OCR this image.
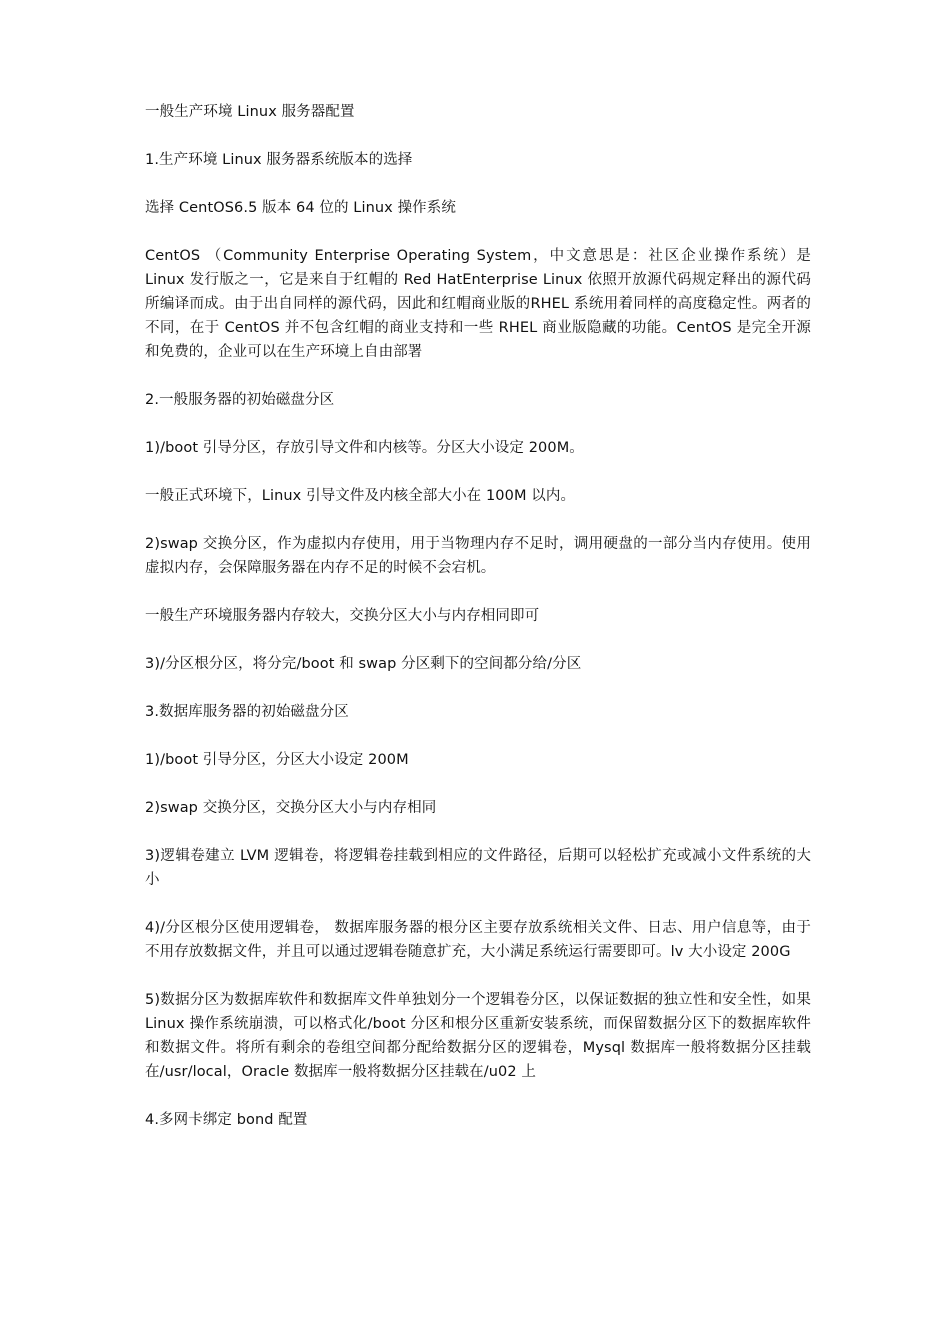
一般生产环境 Linux 服务器配置

1.生产环境 Linux 服务器系统版本的选择

选择 CentOS6.5 版本 64 位的 Linux 操作系统

CentOS （Community Enterprise Operating System，中文意思是：社区企业操作系统）是 Linux 发行版之一，它是来自于红帽的 Red HatEnterprise Linux 依照开放源代码规定释出的源代码所编译而成。由于出自同样的源代码，因此和红帽商业版的RHEL 系统用着同样的高度稳定性。两者的不同，在于 CentOS 并不包含红帽的商业支持和一些 RHEL 商业版隐藏的功能。CentOS 是完全开源和免费的，企业可以在生产环境上自由部署

2.一般服务器的初始磁盘分区

1)/boot 引导分区，存放引导文件和内核等。分区大小设定 200M。

一般正式环境下，Linux 引导文件及内核全部大小在 100M 以内。

2)swap 交换分区，作为虚拟内存使用，用于当物理内存不足时，调用硬盘的一部分当内存使用。使用虚拟内存，会保障服务器在内存不足的时候不会宕机。

一般生产环境服务器内存较大，交换分区大小与内存相同即可

3)/分区根分区，将分完/boot 和 swap 分区剩下的空间都分给/分区

3.数据库服务器的初始磁盘分区

1)/boot 引导分区，分区大小设定 200M

2)swap 交换分区，交换分区大小与内存相同

3)逻辑卷建立 LVM 逻辑卷，将逻辑卷挂载到相应的文件路径，后期可以轻松扩充或减小文件系统的大小

4)/分区根分区使用逻辑卷， 数据库服务器的根分区主要存放系统相关文件、日志、用户信息等，由于不用存放数据文件，并且可以通过逻辑卷随意扩充，大小满足系统运行需要即可。lv 大小设定 200G

5)数据分区为数据库软件和数据库文件单独划分一个逻辑卷分区，以保证数据的独立性和安全性，如果 Linux 操作系统崩溃，可以格式化/boot 分区和根分区重新安装系统，而保留数据分区下的数据库软件和数据文件。将所有剩余的卷组空间都分配给数据分区的逻辑卷，Mysql 数据库一般将数据分区挂载在/usr/local，Oracle 数据库一般将数据分区挂载在/u02 上

4.多网卡绑定 bond 配置
